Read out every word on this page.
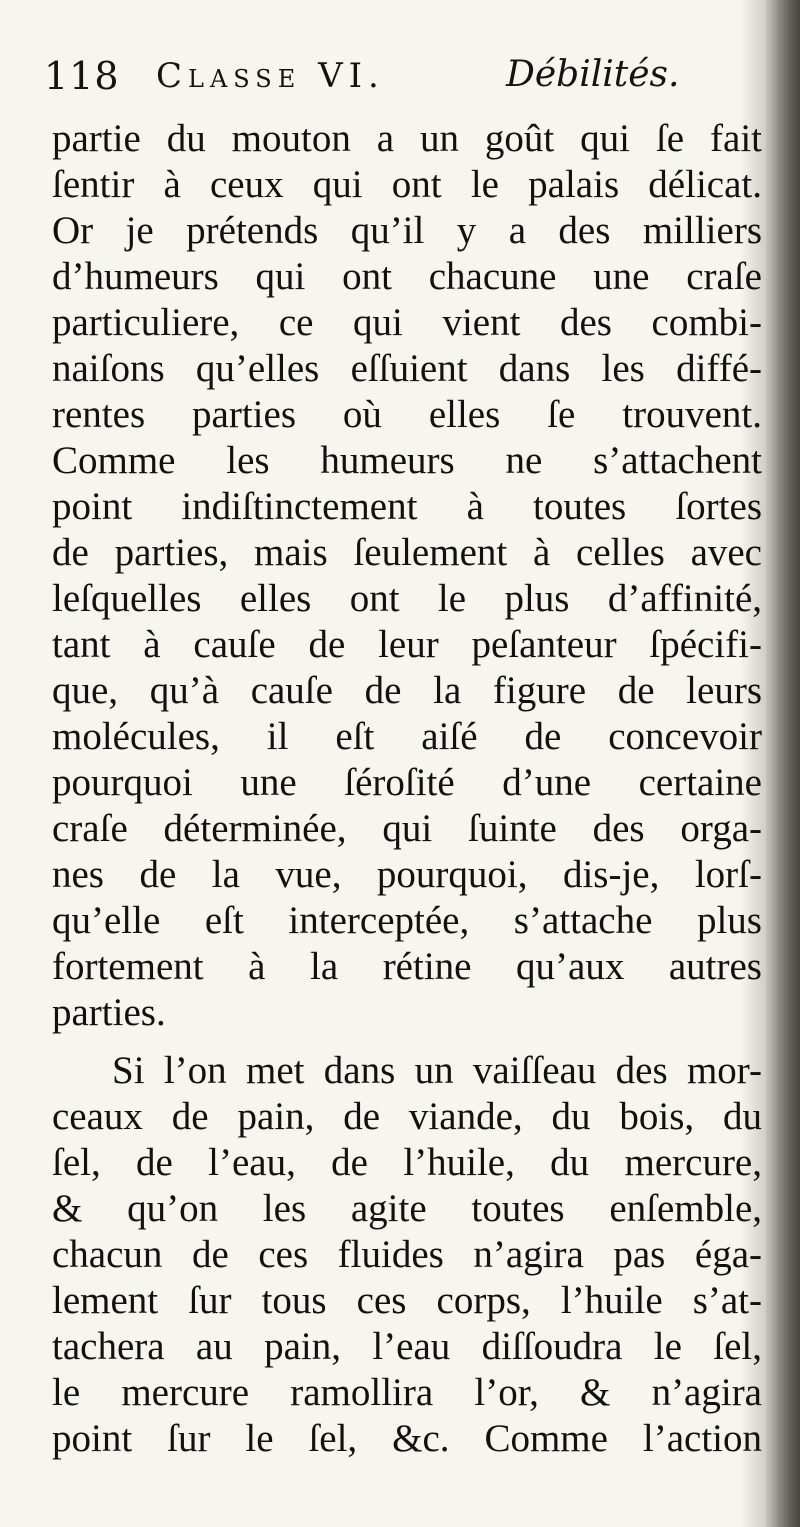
118 Classe VI.	Débilités.
partie du mouton a un goût qui ſe fait
ſentir à ceux qui ont le palais délicat.
Or je prétends qu’il y a des milliers
d’humeurs qui ont chacune une craſe
particuliere, ce qui vient des combi-
naiſons qu’elles eſſuient dans les diffé-
rentes parties où elles ſe trouvent.
Comme les humeurs ne s’attachent
point indiſtinctement à toutes ſortes
de parties, mais ſeulement à celles avec
leſquelles elles ont le plus d’affinité,
tant à cauſe de leur peſanteur ſpécifi-
que, qu’à cauſe de la figure de leurs
molécules, il eſt aiſé de concevoir
pourquoi une ſéroſité d’une certaine
craſe déterminée, qui ſuinte des orga-
nes de la vue, pourquoi, dis-je, lorſ-
qu’elle eſt interceptée, s’attache plus
fortement à la rétine qu’aux autres
parties.
Si l’on met dans un vaiſſeau des mor-
ceaux de pain, de viande, du bois, du
ſel, de l’eau, de l’huile, du mercure,
& qu’on les agite toutes enſemble,
chacun de ces fluides n’agira pas éga-
lement ſur tous ces corps, l’huile s’at-
tachera au pain, l’eau diſſoudra le ſel,
le mercure ramollira l’or, & n’agira
point ſur le ſel, &c. Comme l’action
